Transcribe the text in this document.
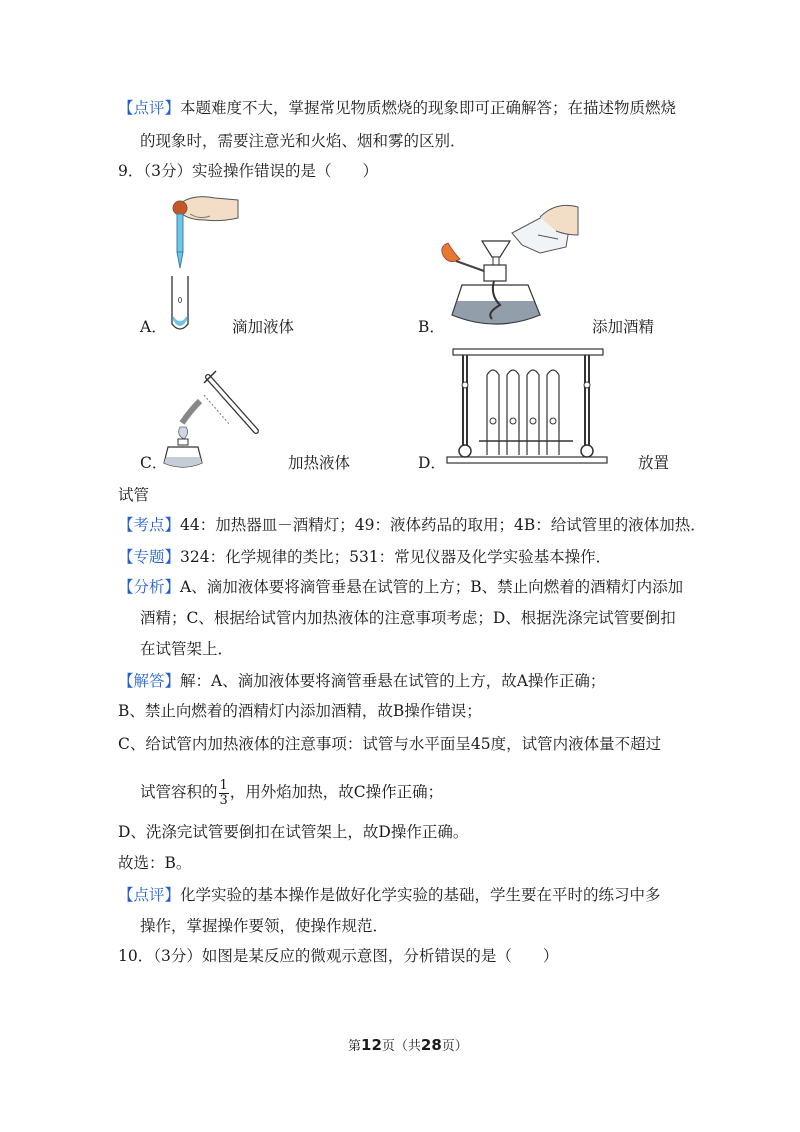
【点评】本题难度不大，掌握常见物质燃烧的现象即可正确解答；在描述物质燃烧
的现象时，需要注意光和火焰、烟和雾的区别．
9．（3分）实验操作错误的是（　　）
A．	滴加液体	B．	添加酒精
C．	加热液体	D．	放置
试管
【考点】44：加热器皿－酒精灯；49：液体药品的取用；4B：给试管里的液体加热．
【专题】324：化学规律的类比；531：常见仪器及化学实验基本操作．
【分析】A、滴加液体要将滴管垂悬在试管的上方；B、禁止向燃着的酒精灯内添加
酒精；C、根据给试管内加热液体的注意事项考虑；D、根据洗涤完试管要倒扣
在试管架上．
【解答】解：A、滴加液体要将滴管垂悬在试管的上方，故A操作正确；
B、禁止向燃着的酒精灯内添加酒精，故B操作错误；
C、给试管内加热液体的注意事项：试管与水平面呈45度，试管内液体量不超过
试管容积的 $\frac{1}{3}$ ，用外焰加热，故C操作正确；
D、洗涤完试管要倒扣在试管架上，故D操作正确。
故选：B。
【点评】化学实验的基本操作是做好化学实验的基础，学生要在平时的练习中多
操作，掌握操作要领，使操作规范．
10．（3分）如图是某反应的微观示意图，分析错误的是（　　）
第12页（共28页）
